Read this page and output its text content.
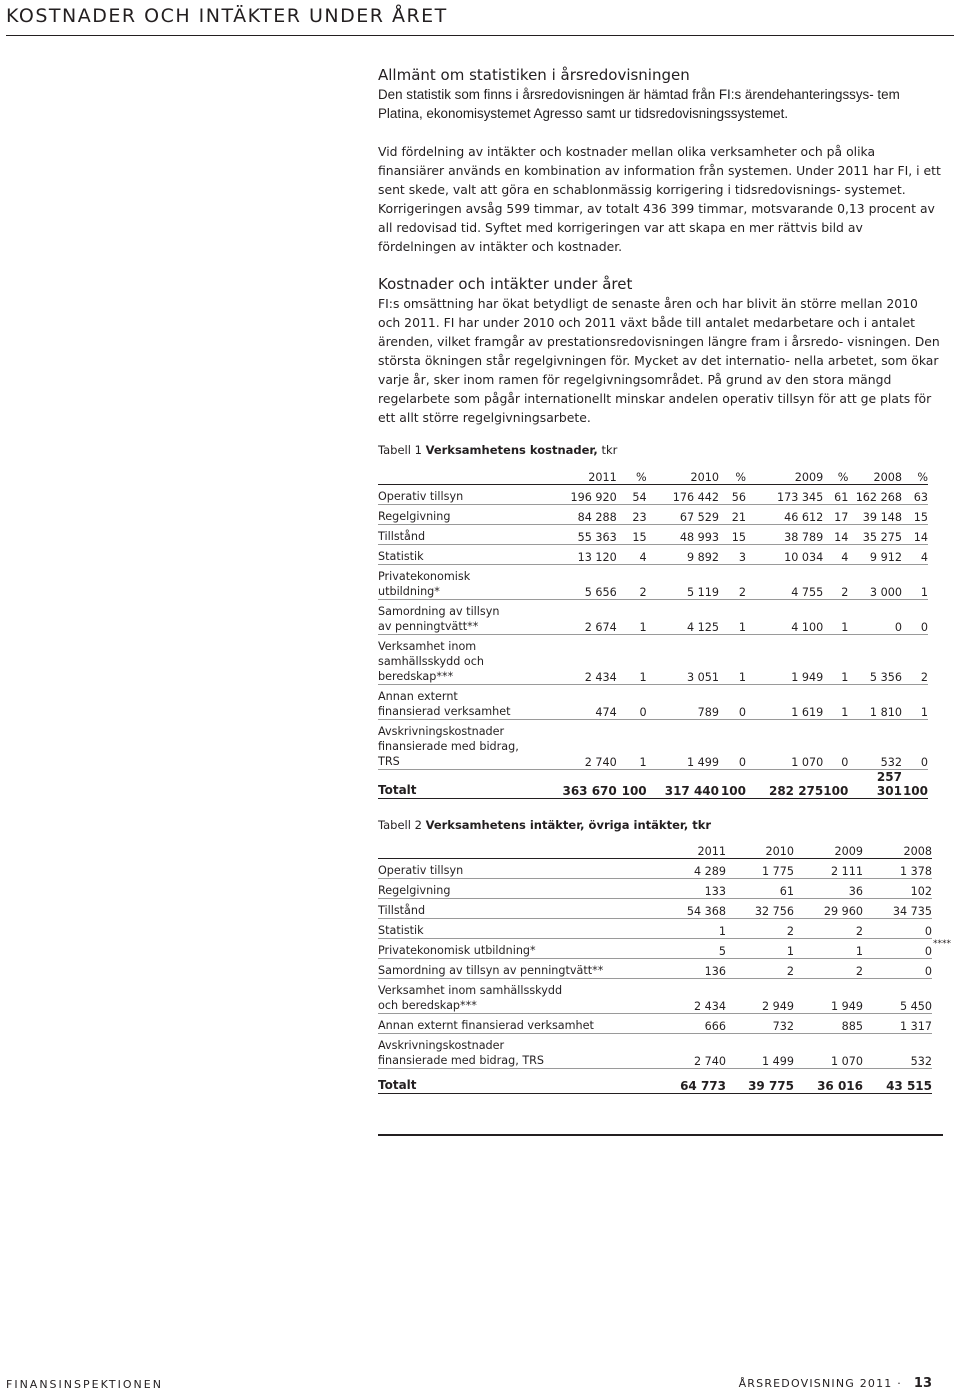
KOSTNADER OCH INTÄKTER UNDER ÅRET
Allmänt om statistiken i årsredovisningen

Den statistik som finns i årsredovisningen är hämtad från FI:s ärendehanteringssys- tem Platina, ekonomisystemet Agresso samt ur tidsredovisningssystemet.

Vid fördelning av intäkter och kostnader mellan olika verksamheter och på olika finansiärer används en kombination av information från systemen. Under 2011 har FI, i ett sent skede, valt att göra en schablonmässig korrigering i tidsredovisnings- systemet. Korrigeringen avsåg 599 timmar, av totalt 436 399 timmar, motsvarande 0,13 procent av all redovisad tid. Syftet med korrigeringen var att skapa en mer rättvis bild av fördelningen av intäkter och kostnader.

Kostnader och intäkter under året

FI:s omsättning har ökat betydligt de senaste åren och har blivit än större mellan 2010 och 2011. FI har under 2010 och 2011 växt både till antalet medarbetare och i antalet ärenden, vilket framgår av prestationsredovisningen längre fram i årsredo- visningen. Den största ökningen står regelgivningen för. Mycket av det internatio- nella arbetet, som ökar varje år, sker inom ramen för regelgivningsområdet. På grund av den stora mängd regelarbete som pågår internationellt minskar andelen operativ tillsyn för att ge plats för ett allt större regelgivningsarbete.

Tabell 1 Verksamhetens kostnader, tkr
	2011	%	2010	%	2009	%	2008	%
Operativ tillsyn	196 920	54	176 442	56	173 345	61	162 268	63
Regelgivning	84 288	23	67 529	21	46 612	17	39 148	15
Tillstånd	55 363	15	48 993	15	38 789	14	35 275	14
Statistik	13 120	4	9 892	3	10 034	4	9 912	4
Privatekonomisk
utbildning*	5 656	2	5 119	2	4 755	2	3 000	1
Samordning av tillsyn
av penningtvätt**	2 674	1	4 125	1	4 100	1	0	0
Verksamhet inom
samhällsskydd och
beredskap***	2 434	1	3 051	1	1 949	1	5 356	2
Annan externt
finansierad verksamhet	474	0	789	0	1 619	1	1 810	1
Avskrivningskostnader
finansierade med bidrag,
TRS	2 740	1	1 499	0	1 070	0	532	0
Totalt	363 670	100	317 440	100	282 275	100	257 301	100
Tabell 2 Verksamhetens intäkter, övriga intäkter, tkr
	2011	2010	2009	2008
Operativ tillsyn	4 289	1 775	2 111	1 378
Regelgivning	133	61	36	102
Tillstånd	54 368	32 756	29 960	34 735
Statistik	1	2	2	0
Privatekonomisk utbildning*	5	1	1	0
****

Samordning av tillsyn av penningtvätt**	136	2	2	0
Verksamhet inom samhällsskydd
och beredskap***	2 434	2 949	1 949	5 450
Annan externt finansierad verksamhet	666	732	885	1 317
Avskrivningskostnader
finansierade med bidrag, TRS	2 740	1 499	1 070	532
Totalt	64 773	39 775	36 016	43 515
FINANSINSPEKTIONEN	ÅRSREDOVISNING 2011 · 13
